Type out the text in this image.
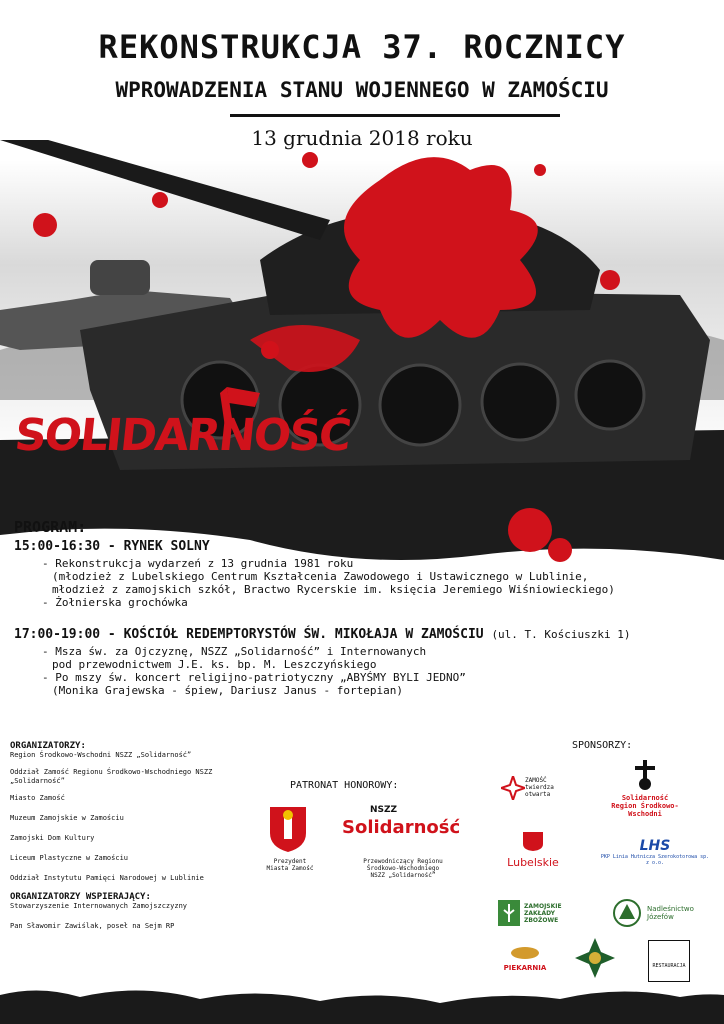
REKONSTRUKCJA 37. ROCZNICY
WPROWADZENIA STANU WOJENNEGO W ZAMOŚCIU
13 grudnia 2018 roku
SOLIDARNOŚĆ
PROGRAM:
15:00-16:30 - RYNEK SOLNY
- Rekonstrukcja wydarzeń z 13 grudnia 1981 roku
(młodzież z Lubelskiego Centrum Kształcenia Zawodowego i Ustawicznego w Lublinie,
młodzież z zamojskich szkół, Bractwo Rycerskie im. księcia Jeremiego Wiśniowieckiego)
- Żołnierska grochówka
17:00-19:00 - KOŚCIÓŁ REDEMPTORYSTÓW ŚW. MIKOŁAJA W ZAMOŚCIU (ul. T. Kościuszki 1)
- Msza św. za Ojczyznę, NSZZ „Solidarność” i Internowanych
pod przewodnictwem J.E. ks. bp. M. Leszczyńskiego
- Po mszy św. koncert religijno-patriotyczny „ABYŚMY BYLI JEDNO”
(Monika Grajewska - śpiew, Dariusz Janus - fortepian)
ORGANIZATORZY:
Region Środkowo-Wschodni NSZZ „Solidarność”
Oddział Zamość Regionu Środkowo-Wschodniego NSZZ „Solidarność”
Miasto Zamość
Muzeum Zamojskie w Zamościu
Zamojski Dom Kultury
Liceum Plastyczne w Zamościu
Oddział Instytutu Pamięci Narodowej w Lublinie
ORGANIZATORZY WSPIERAJĄCY:
Stowarzyszenie Internowanych Zamojszczyzny
Pan Sławomir Zawiślak, poseł na Sejm RP
PATRONAT HONOROWY:
Prezydent
Miasta Zamość
NSZZ
Solidarność
Przewodniczący Regionu
Środkowo-Wschodniego
NSZZ „Solidarność”
SPONSORZY:
ZAMOŚĆ twierdza otwarta	Solidarność Region Środkowo-Wschodni
Lubelskie
LHS
PKP Linia Hutnicza Szerokotorowa sp. z o.o.
ZAMOJSKIE ZAKŁADY ZBOŻOWE
Nadleśnictwo Józefów
PIEKARNIA	RESTAURACJA
